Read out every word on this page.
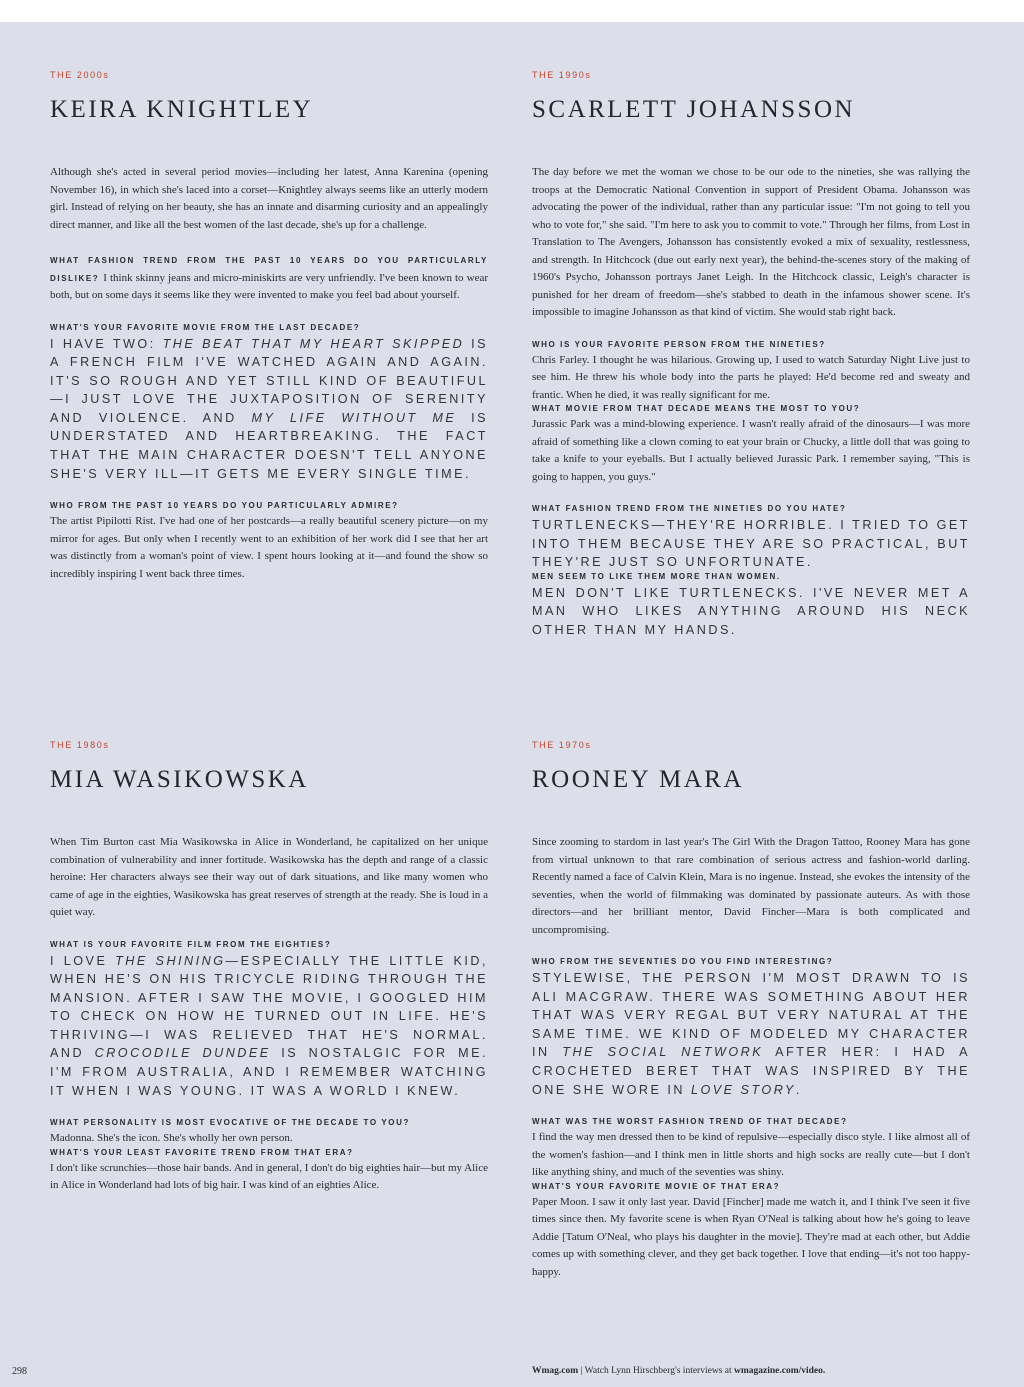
THE 2000s
KEIRA KNIGHTLEY

Although she's acted in several period movies—including her latest, Anna Karenina (opening November 16), in which she's laced into a corset—Knightley always seems like an utterly modern girl. Instead of relying on her beauty, she has an innate and disarming curiosity and an appealingly direct manner, and like all the best women of the last decade, she's up for a challenge.

WHAT FASHION TREND FROM THE PAST 10 YEARS DO YOU PARTICULARLY DISLIKE? I think skinny jeans and micro-miniskirts are very unfriendly. I've been known to wear both, but on some days it seems like they were invented to make you feel bad about yourself.

WHAT'S YOUR FAVORITE MOVIE FROM THE LAST DECADE?

I HAVE TWO: THE BEAT THAT MY HEART SKIPPED IS A FRENCH FILM I'VE WATCHED AGAIN AND AGAIN. IT'S SO ROUGH AND YET STILL KIND OF BEAUTIFUL—I JUST LOVE THE JUXTAPOSITION OF SERENITY AND VIOLENCE. AND MY LIFE WITHOUT ME IS UNDERSTATED AND HEARTBREAKING. THE FACT THAT THE MAIN CHARACTER DOESN'T TELL ANYONE SHE'S VERY ILL—IT GETS ME EVERY SINGLE TIME.

WHO FROM THE PAST 10 YEARS DO YOU PARTICULARLY ADMIRE?

The artist Pipilotti Rist. I've had one of her postcards—a really beautiful scenery picture—on my mirror for ages. But only when I recently went to an exhibition of her work did I see that her art was distinctly from a woman's point of view. I spent hours looking at it—and found the show so incredibly inspiring I went back three times.

THE 1990s
SCARLETT JOHANSSON

The day before we met the woman we chose to be our ode to the nineties, she was rallying the troops at the Democratic National Convention in support of President Obama. Johansson was advocating the power of the individual, rather than any particular issue: "I'm not going to tell you who to vote for," she said. "I'm here to ask you to commit to vote." Through her films, from Lost in Translation to The Avengers, Johansson has consistently evoked a mix of sexuality, restlessness, and strength. In Hitchcock (due out early next year), the behind-the-scenes story of the making of 1960's Psycho, Johansson portrays Janet Leigh. In the Hitchcock classic, Leigh's character is punished for her dream of freedom—she's stabbed to death in the infamous shower scene. It's impossible to imagine Johansson as that kind of victim. She would stab right back.

WHO IS YOUR FAVORITE PERSON FROM THE NINETIES?

Chris Farley. I thought he was hilarious. Growing up, I used to watch Saturday Night Live just to see him. He threw his whole body into the parts he played: He'd become red and sweaty and frantic. When he died, it was really significant for me.

WHAT MOVIE FROM THAT DECADE MEANS THE MOST TO YOU?

Jurassic Park was a mind-blowing experience. I wasn't really afraid of the dinosaurs—I was more afraid of something like a clown coming to eat your brain or Chucky, a little doll that was going to take a knife to your eyeballs. But I actually believed Jurassic Park. I remember saying, "This is going to happen, you guys."

WHAT FASHION TREND FROM THE NINETIES DO YOU HATE?

TURTLENECKS—THEY'RE HORRIBLE. I TRIED TO GET INTO THEM BECAUSE THEY ARE SO PRACTICAL, BUT THEY'RE JUST SO UNFORTUNATE.

MEN SEEM TO LIKE THEM MORE THAN WOMEN.

MEN DON'T LIKE TURTLENECKS. I'VE NEVER MET A MAN WHO LIKES ANYTHING AROUND HIS NECK OTHER THAN MY HANDS.

THE 1980s
MIA WASIKOWSKA

When Tim Burton cast Mia Wasikowska in Alice in Wonderland, he capitalized on her unique combination of vulnerability and inner fortitude. Wasikowska has the depth and range of a classic heroine: Her characters always see their way out of dark situations, and like many women who came of age in the eighties, Wasikowska has great reserves of strength at the ready. She is loud in a quiet way.

WHAT IS YOUR FAVORITE FILM FROM THE EIGHTIES?

I LOVE THE SHINING—ESPECIALLY THE LITTLE KID, WHEN HE'S ON HIS TRICYCLE RIDING THROUGH THE MANSION. AFTER I SAW THE MOVIE, I GOOGLED HIM TO CHECK ON HOW HE TURNED OUT IN LIFE. HE'S THRIVING—I WAS RELIEVED THAT HE'S NORMAL. AND CROCODILE DUNDEE IS NOSTALGIC FOR ME. I'M FROM AUSTRALIA, AND I REMEMBER WATCHING IT WHEN I WAS YOUNG. IT WAS A WORLD I KNEW.

WHAT PERSONALITY IS MOST EVOCATIVE OF THE DECADE TO YOU?

Madonna. She's the icon. She's wholly her own person.

WHAT'S YOUR LEAST FAVORITE TREND FROM THAT ERA?

I don't like scrunchies—those hair bands. And in general, I don't do big eighties hair—but my Alice in Alice in Wonderland had lots of big hair. I was kind of an eighties Alice.

THE 1970s
ROONEY MARA

Since zooming to stardom in last year's The Girl With the Dragon Tattoo, Rooney Mara has gone from virtual unknown to that rare combination of serious actress and fashion-world darling. Recently named a face of Calvin Klein, Mara is no ingenue. Instead, she evokes the intensity of the seventies, when the world of filmmaking was dominated by passionate auteurs. As with those directors—and her brilliant mentor, David Fincher—Mara is both complicated and uncompromising.

WHO FROM THE SEVENTIES DO YOU FIND INTERESTING?

STYLEWISE, THE PERSON I'M MOST DRAWN TO IS ALI MACGRAW. THERE WAS SOMETHING ABOUT HER THAT WAS VERY REGAL BUT VERY NATURAL AT THE SAME TIME. WE KIND OF MODELED MY CHARACTER IN THE SOCIAL NETWORK AFTER HER: I HAD A CROCHETED BERET THAT WAS INSPIRED BY THE ONE SHE WORE IN LOVE STORY.

WHAT WAS THE WORST FASHION TREND OF THAT DECADE?

I find the way men dressed then to be kind of repulsive—especially disco style. I like almost all of the women's fashion—and I think men in little shorts and high socks are really cute—but I don't like anything shiny, and much of the seventies was shiny.

WHAT'S YOUR FAVORITE MOVIE OF THAT ERA?

Paper Moon. I saw it only last year. David [Fincher] made me watch it, and I think I've seen it five times since then. My favorite scene is when Ryan O'Neal is talking about how he's going to leave Addie [Tatum O'Neal, who plays his daughter in the movie]. They're mad at each other, but Addie comes up with something clever, and they get back together. I love that ending—it's not too happy-happy.

298	Wmag.com | Watch Lynn Hirschberg's interviews at wmagazine.com/video.
